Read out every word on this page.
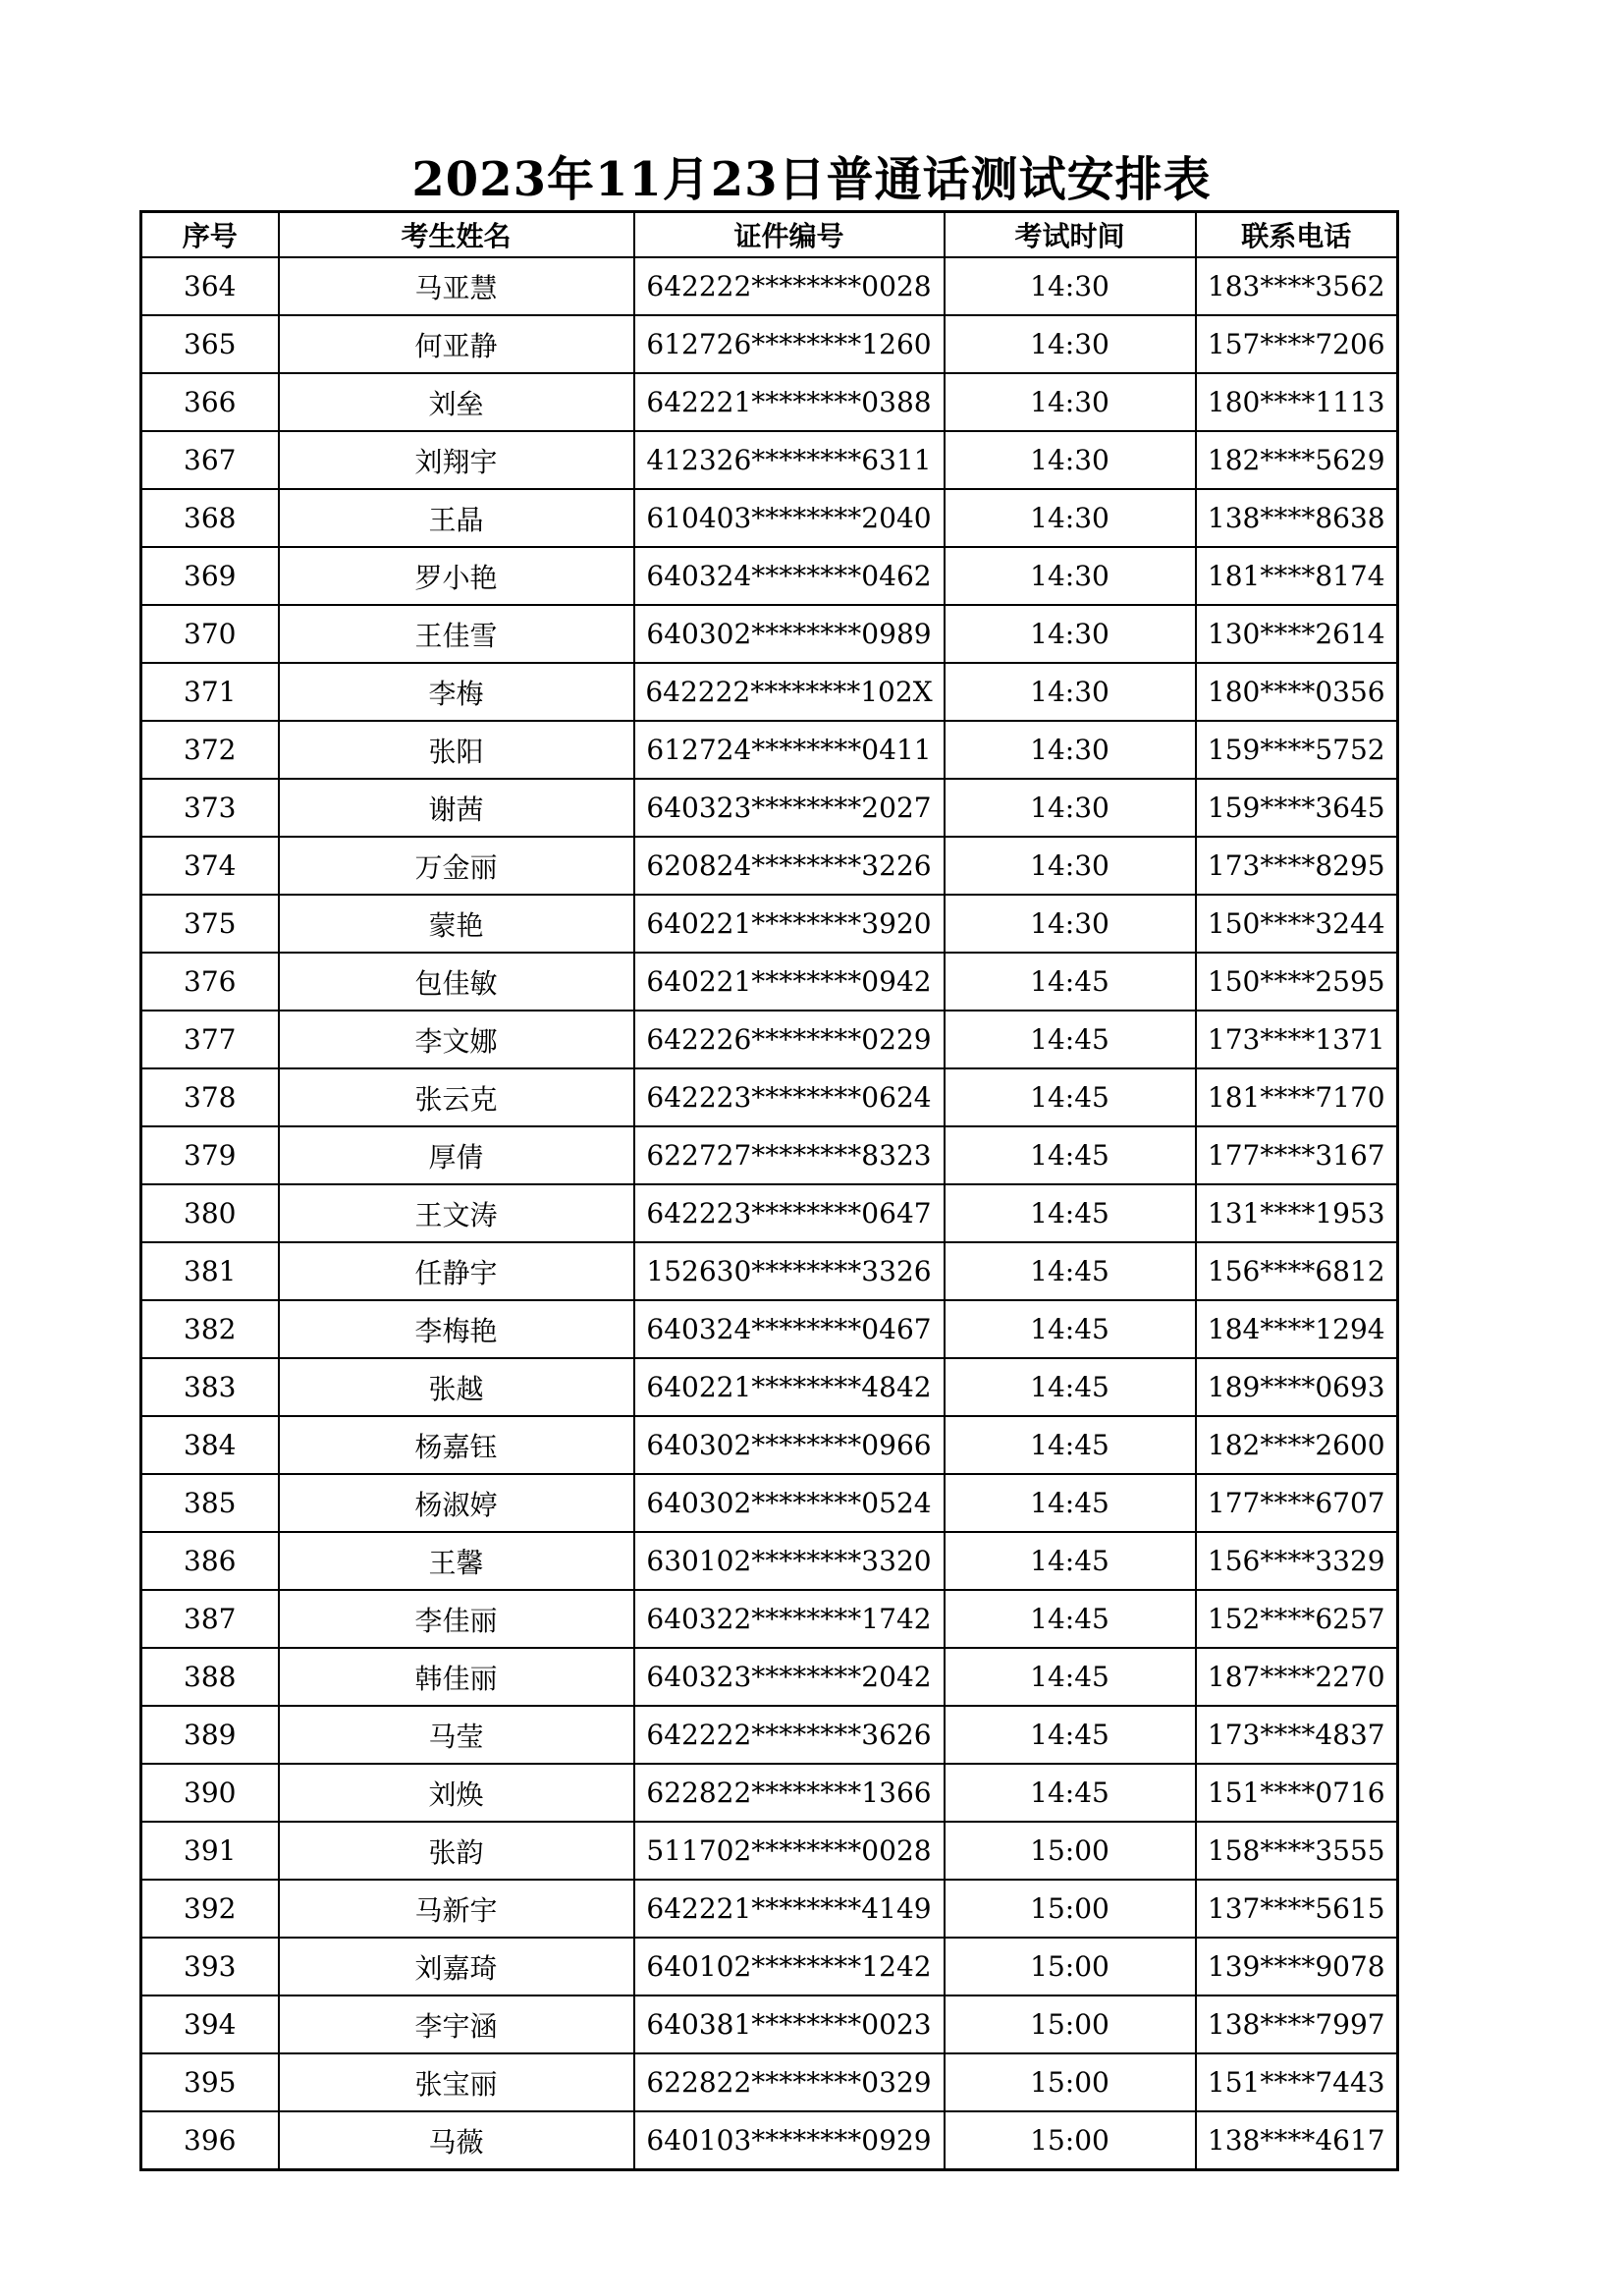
2023年11月23日普通话测试安排表
序号	考生姓名	证件编号	考试时间	联系电话
364	马亚慧	642222********0028	14:30	183****3562
365	何亚静	612726********1260	14:30	157****7206
366	刘垒	642221********0388	14:30	180****1113
367	刘翔宇	412326********6311	14:30	182****5629
368	王晶	610403********2040	14:30	138****8638
369	罗小艳	640324********0462	14:30	181****8174
370	王佳雪	640302********0989	14:30	130****2614
371	李梅	642222********102X	14:30	180****0356
372	张阳	612724********0411	14:30	159****5752
373	谢茜	640323********2027	14:30	159****3645
374	万金丽	620824********3226	14:30	173****8295
375	蒙艳	640221********3920	14:30	150****3244
376	包佳敏	640221********0942	14:45	150****2595
377	李文娜	642226********0229	14:45	173****1371
378	张云克	642223********0624	14:45	181****7170
379	厚倩	622727********8323	14:45	177****3167
380	王文涛	642223********0647	14:45	131****1953
381	任静宇	152630********3326	14:45	156****6812
382	李梅艳	640324********0467	14:45	184****1294
383	张越	640221********4842	14:45	189****0693
384	杨嘉钰	640302********0966	14:45	182****2600
385	杨淑婷	640302********0524	14:45	177****6707
386	王馨	630102********3320	14:45	156****3329
387	李佳丽	640322********1742	14:45	152****6257
388	韩佳丽	640323********2042	14:45	187****2270
389	马莹	642222********3626	14:45	173****4837
390	刘焕	622822********1366	14:45	151****0716
391	张韵	511702********0028	15:00	158****3555
392	马新宇	642221********4149	15:00	137****5615
393	刘嘉琦	640102********1242	15:00	139****9078
394	李宇涵	640381********0023	15:00	138****7997
395	张宝丽	622822********0329	15:00	151****7443
396	马薇	640103********0929	15:00	138****4617
